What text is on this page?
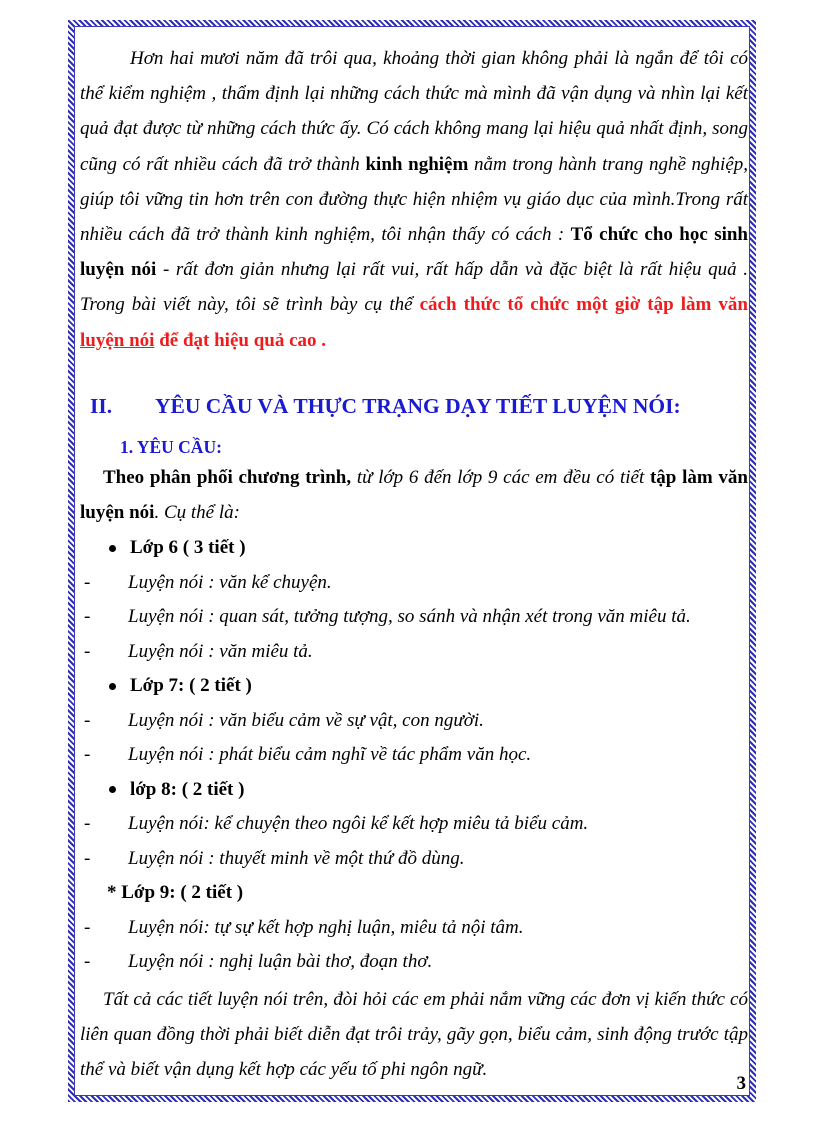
Hơn hai mươi năm đã trôi qua, khoảng thời gian không phải là ngắn để tôi có thể kiểm nghiệm , thẩm định lại những cách thức mà mình đã vận dụng và nhìn lại kết quả đạt được từ những cách thức ấy. Có cách không mang lại hiệu quả nhất định, song cũng có rất nhiều cách đã trở thành kinh nghiệm nằm trong hành trang nghề nghiệp, giúp tôi vững tin hơn trên con đường thực hiện nhiệm vụ giáo dục của mình.Trong rất nhiều cách đã trở thành kinh nghiệm, tôi nhận thấy có cách : Tổ chức cho học sinh luyện nói - rất đơn giản nhưng lại rất vui, rất hấp dẫn và đặc biệt là rất hiệu quả . Trong bài viết này, tôi sẽ trình bày cụ thể cách thức tổ chức một giờ tập làm văn luyện nói để đạt hiệu quả cao .

II.	YÊU CẦU VÀ THỰC TRẠNG DẠY TIẾT LUYỆN NÓI:
1. YÊU CẦU:

Theo phân phối chương trình, từ lớp 6 đến lớp 9 các em đều có tiết tập làm văn luyện nói. Cụ thể là:

Lớp 6 ( 3 tiết )
-	Luyện nói : văn kể chuyện.
-	Luyện nói : quan sát, tưởng tượng, so sánh và nhận xét trong văn miêu tả.
-	Luyện nói : văn miêu tả.
Lớp 7: ( 2 tiết )
-	Luyện nói : văn biểu cảm về sự vật, con người.
-	Luyện nói : phát biểu cảm nghĩ về tác phẩm văn học.
lớp 8: ( 2 tiết )
-	Luyện nói: kể chuyện theo ngôi kể kết hợp miêu tả biểu cảm.
-	Luyện nói : thuyết minh về một thứ đồ dùng.
* Lớp 9: ( 2 tiết )
-	Luyện nói: tự sự kết hợp nghị luận, miêu tả nội tâm.
-	Luyện nói : nghị luận bài thơ, đoạn thơ.

Tất cả các tiết luyện nói trên, đòi hỏi các em phải nắm vững các đơn vị kiến thức có liên quan đồng thời phải biết diễn đạt trôi trảy, gãy gọn, biểu cảm, sinh động trước tập thể và biết vận dụng kết hợp các yếu tố phi ngôn ngữ.

3
